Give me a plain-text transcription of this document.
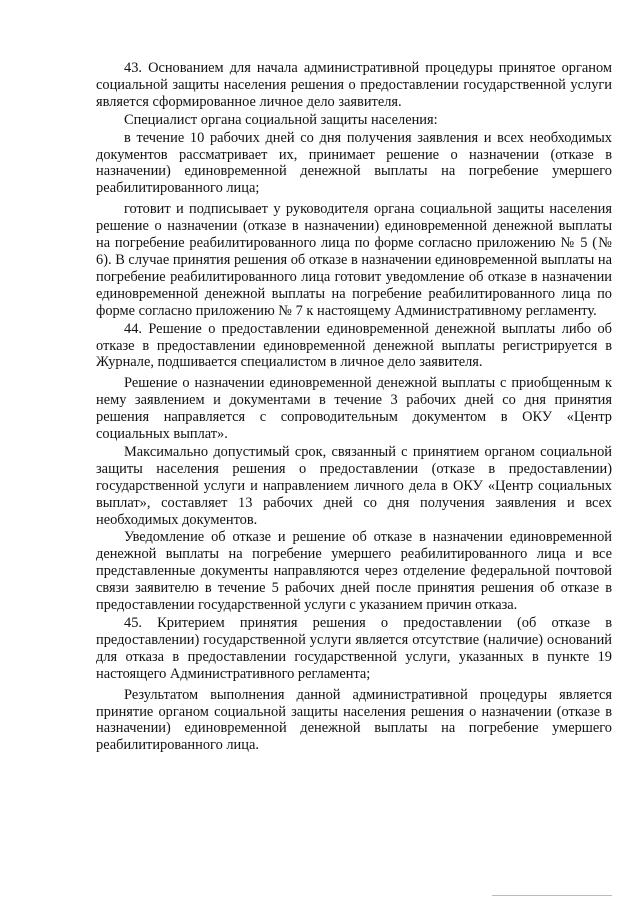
43. Основанием для начала административной процедуры принятое органом социальной защиты населения решения о предоставлении государственной услуги является сформированное личное дело заявителя.

Специалист органа социальной защиты населения:

в течение 10 рабочих дней со дня получения заявления и всех необходимых документов рассматривает их, принимает решение о назначении (отказе в назначении) единовременной денежной выплаты на погребение умершего реабилитированного лица;

готовит и подписывает у руководителя органа социальной защиты населения решение о назначении (отказе в назначении) единовременной денежной выплаты на погребение реабилитированного лица по форме согласно приложению № 5 (№ 6). В случае принятия решения об отказе в назначении единовременной выплаты на погребение реабилитированного лица готовит уведомление об отказе в назначении единовременной денежной выплаты на погребение реабилитированного лица по форме согласно приложению № 7 к настоящему Административному регламенту.

44. Решение о предоставлении единовременной денежной выплаты либо об отказе в предоставлении единовременной денежной выплаты регистрируется в Журнале, подшивается специалистом в личное дело заявителя.

Решение о назначении единовременной денежной выплаты с приобщенным к нему заявлением и документами в течение 3 рабочих дней со дня принятия решения направляется с сопроводительным документом в ОКУ «Центр социальных выплат».

Максимально допустимый срок, связанный с принятием органом социальной защиты населения решения о предоставлении (отказе в предоставлении) государственной услуги и направлением личного дела в ОКУ «Центр социальных выплат», составляет 13 рабочих дней со дня получения заявления и всех необходимых документов.

Уведомление об отказе и решение об отказе в назначении единовременной денежной выплаты на погребение умершего реабилитированного лица и все представленные документы направляются через отделение федеральной почтовой связи заявителю в течение 5 рабочих дней после принятия решения об отказе в предоставлении государственной услуги с указанием причин отказа.

45. Критерием принятия решения о предоставлении (об отказе в предоставлении) государственной услуги является отсутствие (наличие) оснований для отказа в предоставлении государственной услуги, указанных в пункте 19 настоящего Административного регламента;

Результатом выполнения данной административной процедуры является принятие органом социальной защиты населения решения о назначении (отказе в назначении) единовременной денежной выплаты на погребение умершего реабилитированного лица.
